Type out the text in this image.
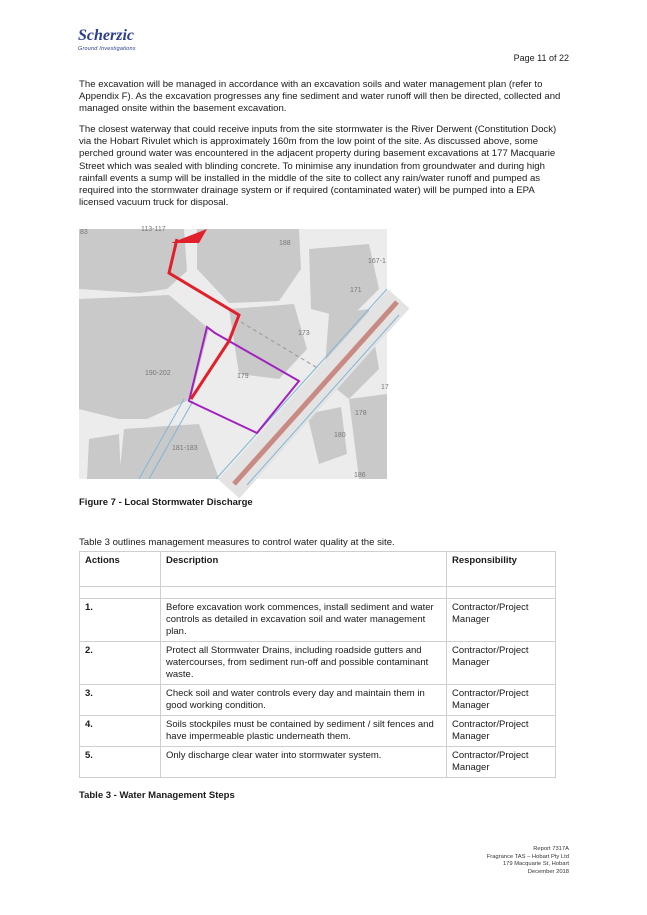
Scherzic
Ground Investigations
Page 11 of 22

The excavation will be managed in accordance with an excavation soils and water management plan (refer to Appendix F). As the excavation progresses any fine sediment and water runoff will then be directed, collected and managed onsite within the basement excavation.

The closest waterway that could receive inputs from the site stormwater is the River Derwent (Constitution Dock) via the Hobart Rivulet which is approximately 160m from the low point of the site. As discussed above, some perched ground water was encountered in the adjacent property during basement excavations at 177 Macquarie Street which was sealed with blinding concrete. To minimise any inundation from groundwater and during high rainfall events a sump will be installed in the middle of the site to collect any rain/water runoff and pumped as required into the stormwater drainage system or if required (contaminated water) will be pumped into a EPA licensed vacuum truck for disposal.

83	113-117
188
167-1
171
173
190-202	179
17
178
180
181-183
186
Figure 7 - Local Stormwater Discharge
Table 3 outlines management measures to control water quality at the site.
Actions	Description	Responsibility

1.	Before excavation work commences, install sediment and water controls as detailed in excavation soil and water management plan.	Contractor/Project Manager
2.	Protect all Stormwater Drains, including roadside gutters and watercourses, from sediment run-off and possible contaminant waste.	Contractor/Project Manager
3.	Check soil and water controls every day and maintain them in good working condition.	Contractor/Project Manager
4.	Soils stockpiles must be contained by sediment / silt fences and have impermeable plastic underneath them.	Contractor/Project Manager
5.	Only discharge clear water into stormwater system.	Contractor/Project Manager
Table 3 - Water Management Steps
Report 7317A
Fragrance TAS – Hobart Pty Ltd
179 Macquarie St, Hobart
December 2018
